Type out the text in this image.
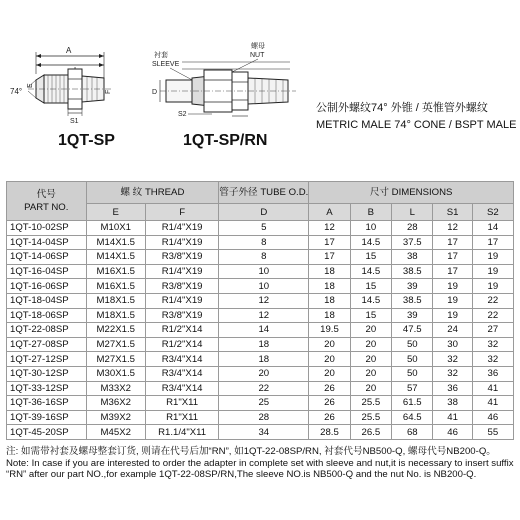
A
74°
E
F
S1
1QT-SP
螺母
NUT
衬套
SLEEVE
D
S2
1QT-SP/RN
公制外螺纹74° 外锥 / 英惟管外螺纹
METRIC MALE 74° CONE / BSPT MALE
代号
PART NO.	螺 纹 THREAD		管子外径 TUBE O.D.	尺寸 DIMENSIONS				
	E	F	D	A	B	L	S1	S2
1QT-10-02SP	M10X1	R1/4"X19	5	12	10	28	12	14
1QT-14-04SP	M14X1.5	R1/4"X19	8	17	14.5	37.5	17	17
1QT-14-06SP	M14X1.5	R3/8"X19	8	17	15	38	17	19
1QT-16-04SP	M16X1.5	R1/4"X19	10	18	14.5	38.5	17	19
1QT-16-06SP	M16X1.5	R3/8"X19	10	18	15	39	19	19
1QT-18-04SP	M18X1.5	R1/4"X19	12	18	14.5	38.5	19	22
1QT-18-06SP	M18X1.5	R3/8"X19	12	18	15	39	19	22
1QT-22-08SP	M22X1.5	R1/2"X14	14	19.5	20	47.5	24	27
1QT-27-08SP	M27X1.5	R1/2"X14	18	20	20	50	30	32
1QT-27-12SP	M27X1.5	R3/4"X14	18	20	20	50	32	32
1QT-30-12SP	M30X1.5	R3/4"X14	20	20	20	50	32	36
1QT-33-12SP	M33X2	R3/4"X14	22	26	20	57	36	41
1QT-36-16SP	M36X2	R1"X11	25	26	25.5	61.5	38	41
1QT-39-16SP	M39X2	R1"X11	28	26	25.5	64.5	41	46
1QT-45-20SP	M45X2	R1.1/4"X11	34	28.5	26.5	68	46	55
注: 如需带衬套及螺母整套订货, 则请在代号后加“RN”, 如1QT-22-08SP/RN, 衬套代号NB500-Q, 螺母代号NB200-Q。
Note: In case if you are interested to order the adapter in complete set with sleeve and nut,it is necessary to insert suffix
“RN” after our part NO.,for example 1QT-22-08SP/RN,The sleeve NO.is NB500-Q and the nut No. is NB200-Q.
